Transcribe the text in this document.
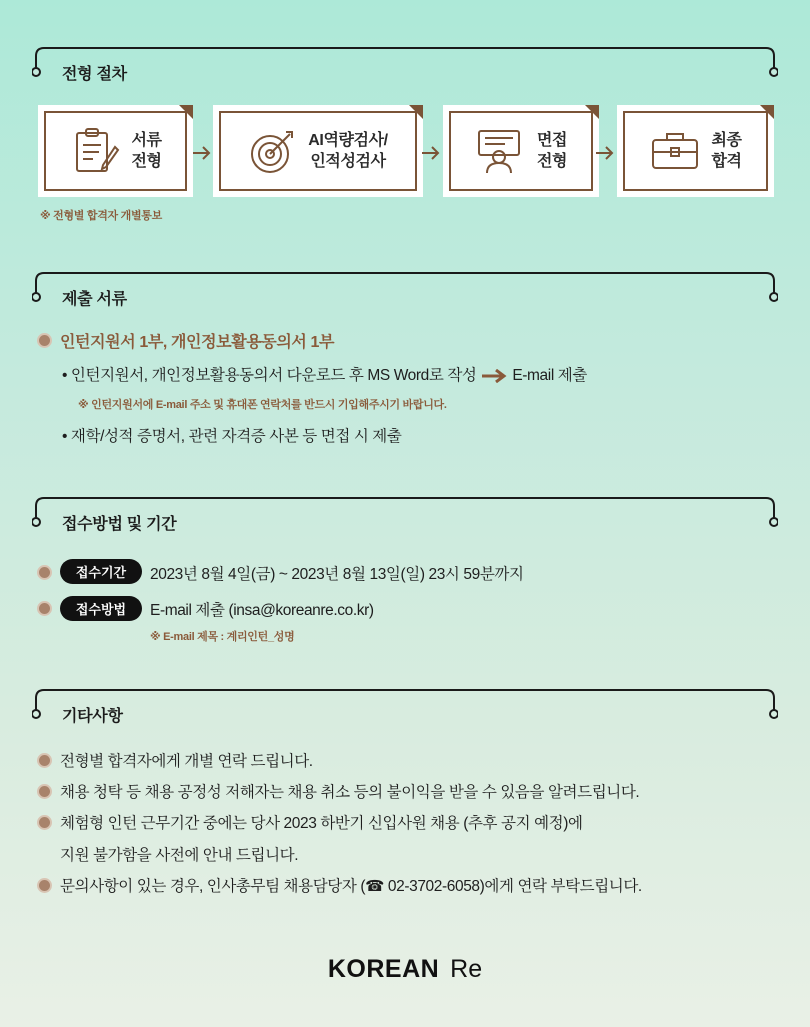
전형 절차
서류
전형
AI역량검사/
인적성검사
면접
전형
최종
합격
※ 전형별 합격자 개별통보
제출 서류
인턴지원서 1부, 개인정보활용동의서 1부
• 인턴지원서, 개인정보활용동의서 다운로드 후 MS Word로 작성 E-mail 제출
※ 인턴지원서에 E-mail 주소 및 휴대폰 연락처를 반드시 기입해주시기 바랍니다.
• 재학/성적 증명서, 관련 자격증 사본 등 면접 시 제출
접수방법 및 기간
접수기간	2023년 8월 4일(금) ~ 2023년 8월 13일(일) 23시 59분까지
접수방법	E-mail 제출 (insa@koreanre.co.kr)
※ E-mail 제목 : 계리인턴_성명
기타사항
전형별 합격자에게 개별 연락 드립니다.
채용 청탁 등 채용 공정성 저해자는 채용 취소 등의 불이익을 받을 수 있음을 알려드립니다.
체험형 인턴 근무기간 중에는 당사 2023 하반기 신입사원 채용 (추후 공지 예정)에
지원 불가함을 사전에 안내 드립니다.
문의사항이 있는 경우, 인사총무팀 채용담당자 (☎ 02-3702-6058)에게 연락 부탁드립니다.
KOREAN Re
